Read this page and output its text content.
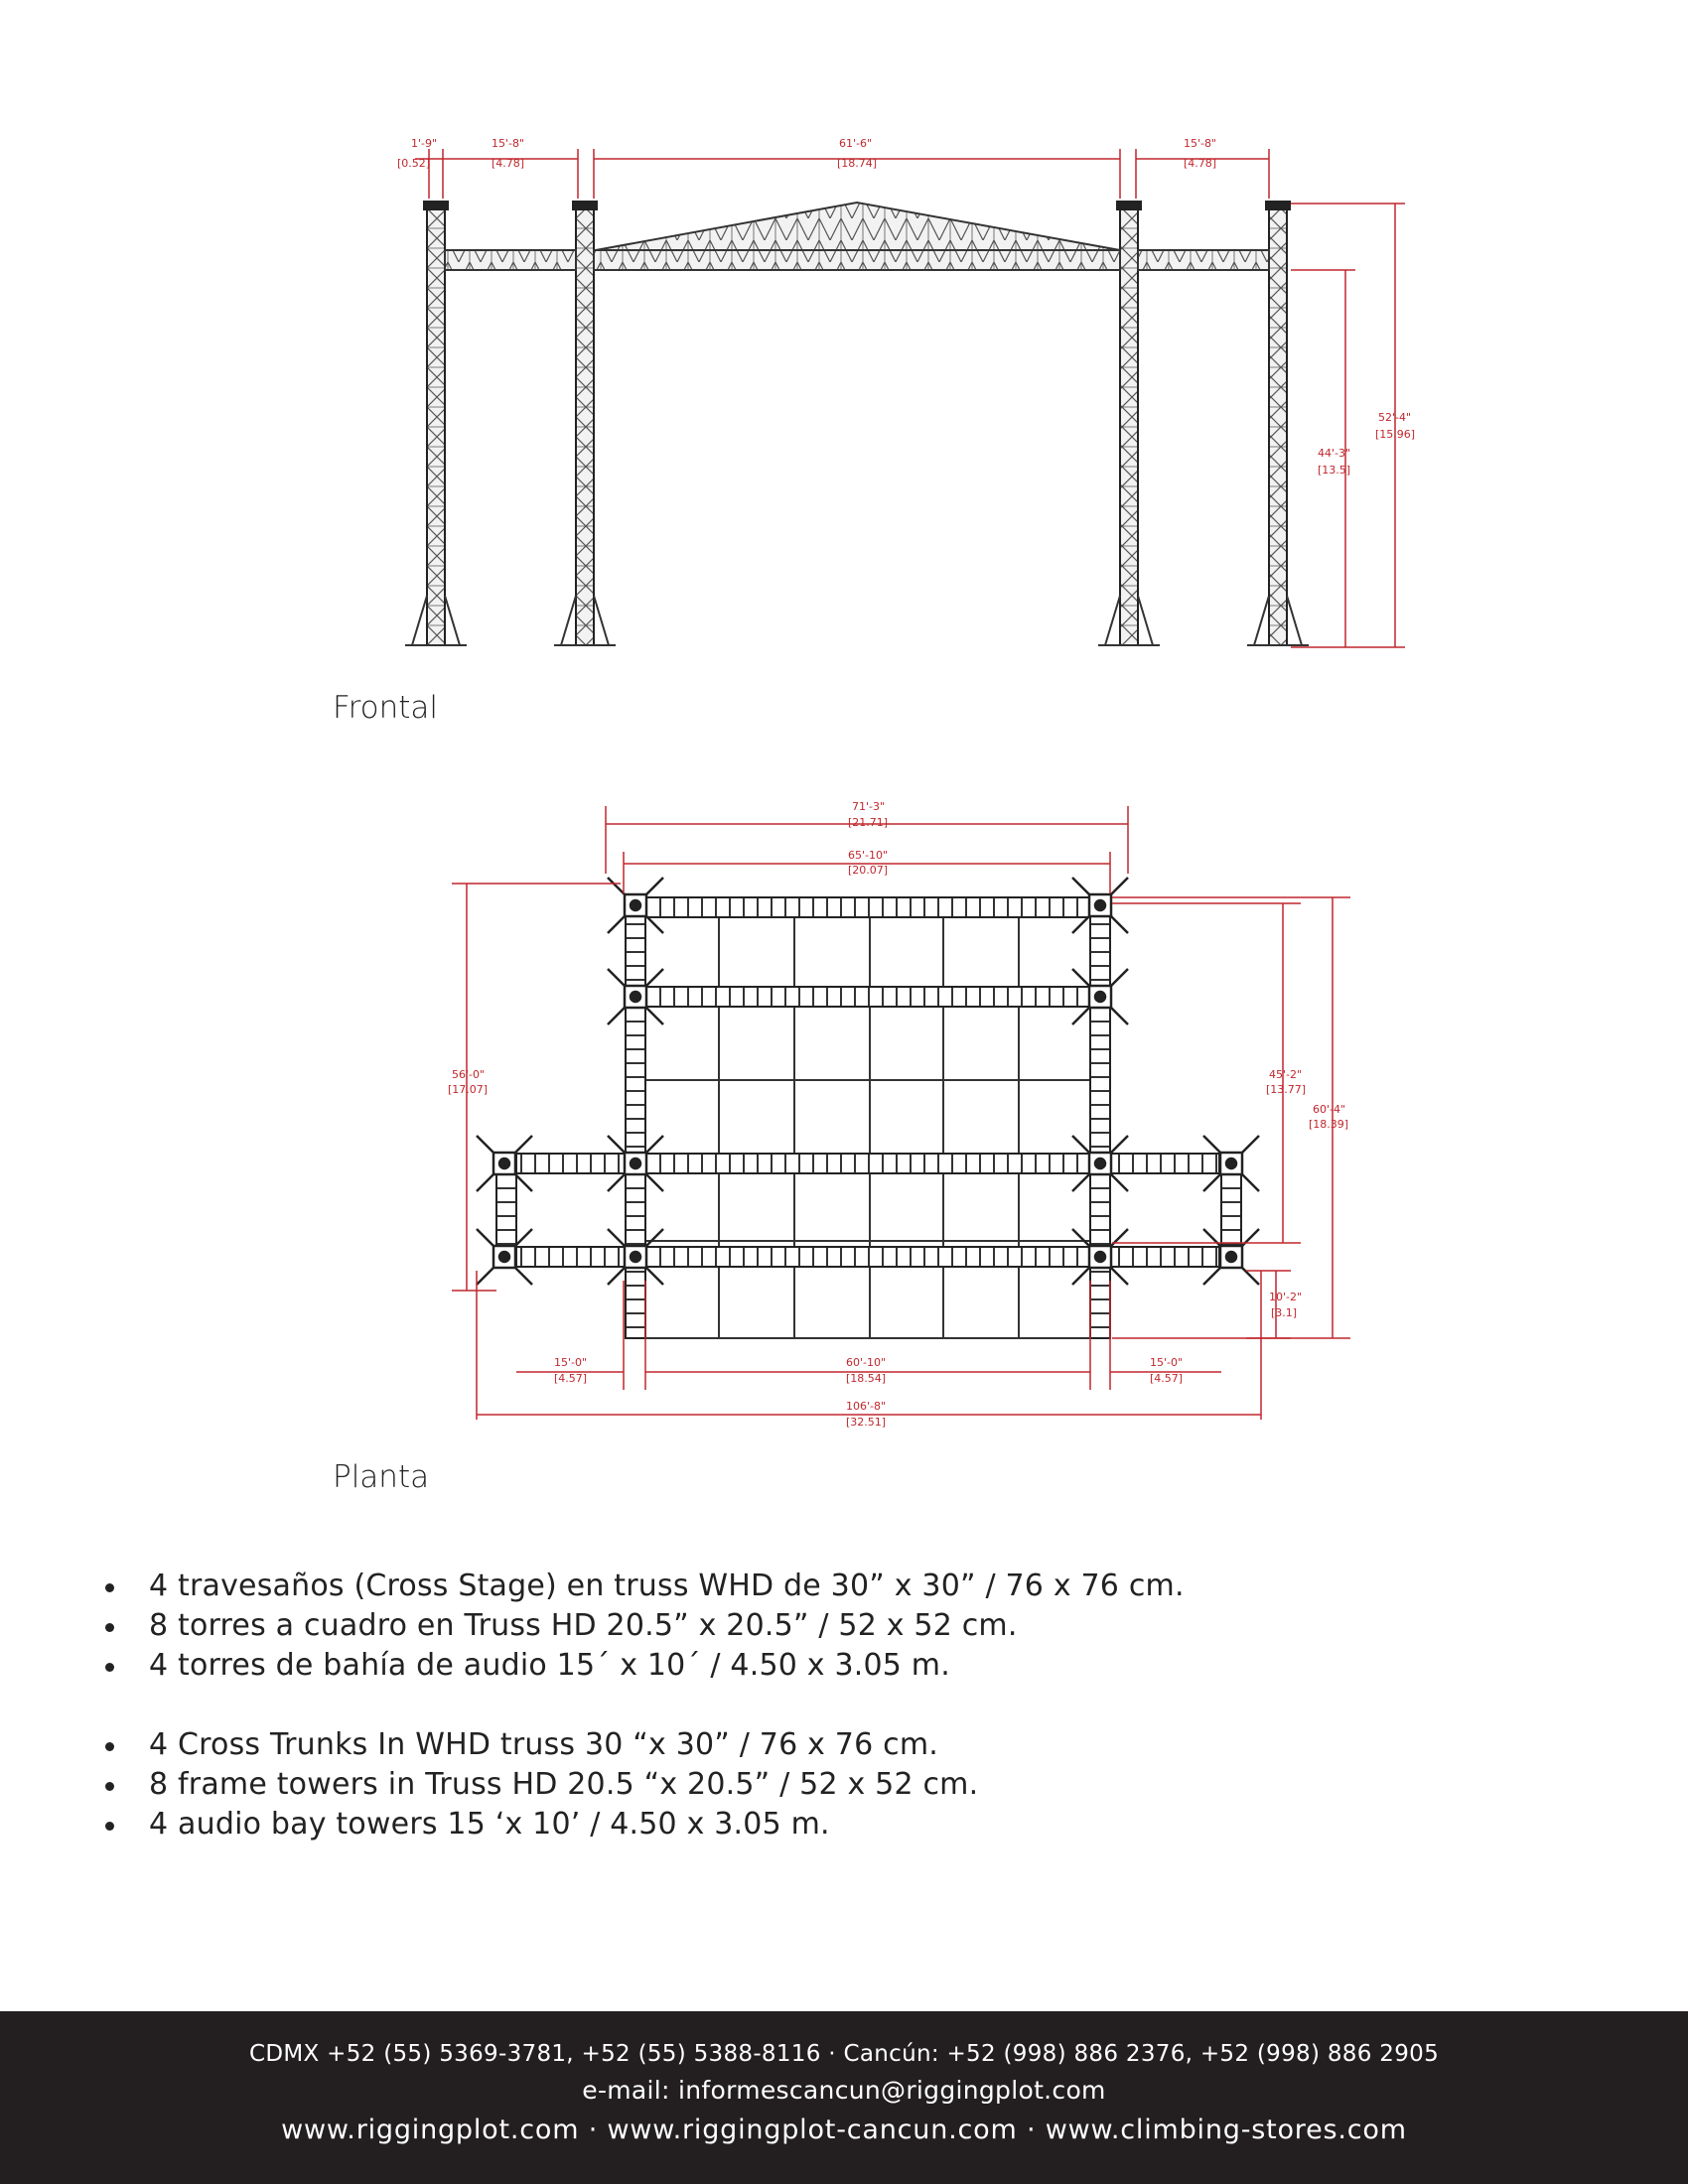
1'-9"
[0.52]
15'-8"
[4.78]
61'-6"
[18.74]
15'-8"
[4.78]
44'-3"
[13.5]
52'-4"
[15.96]
71'-3"
[21.71]
65'-10"
[20.07]
56'-0"
[17.07]
45'-2"
[13.77]
60'-4"
[18.39]
10'-2"
[3.1]
15'-0"
[4.57]
60'-10"
[18.54]
15'-0"
[4.57]
106'-8"
[32.51]
Frontal
Planta
4 travesaños (Cross Stage) en truss WHD de 30” x 30” / 76 x 76 cm.
8 torres a cuadro en Truss HD 20.5” x 20.5” / 52 x 52 cm.
4 torres de bahía de audio 15´ x 10´ / 4.50 x 3.05 m.
4 Cross Trunks In WHD truss 30 “x 30” / 76 x 76 cm.
8 frame towers in Truss HD 20.5 “x 20.5” / 52 x 52 cm.
4 audio bay towers 15 ‘x 10’ / 4.50 x 3.05 m.
CDMX +52 (55) 5369-3781, +52 (55) 5388-8116 · Cancún: +52 (998) 886 2376, +52 (998) 886 2905
e-mail: informescancun@riggingplot.com
www.riggingplot.com · www.riggingplot-cancun.com · www.climbing-stores.com
